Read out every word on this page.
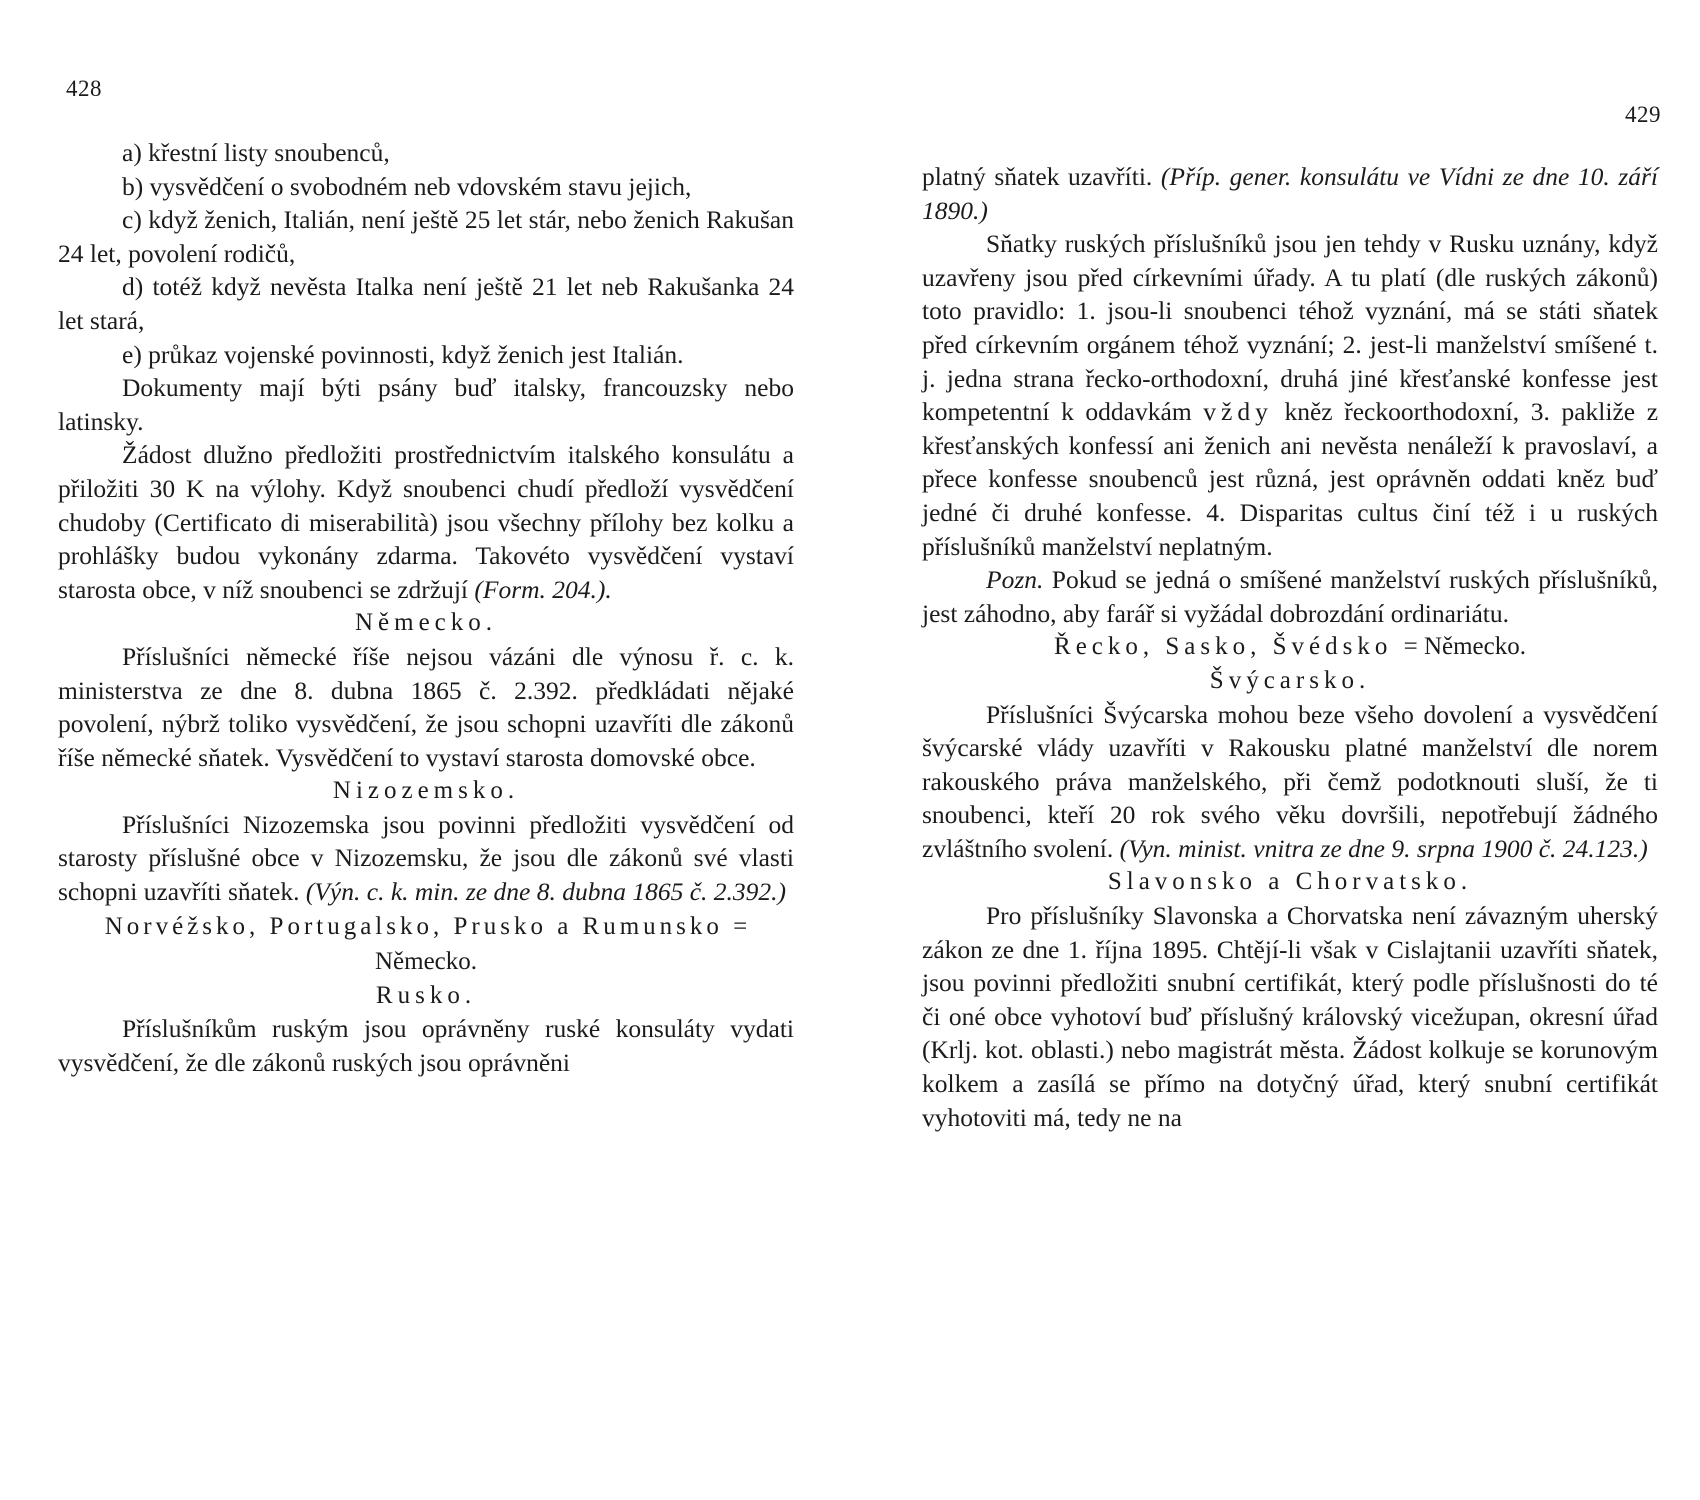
428

a) křestní listy snoubenců,

b) vysvědčení o svobodném neb vdovském stavu jejich,

c) když ženich, Italián, není ještě 25 let stár, nebo ženich Rakušan 24 let, povolení rodičů,

d) totéž když nevěsta Italka není ještě 21 let neb Rakušanka 24 let stará,

e) průkaz vojenské povinnosti, když ženich jest Italián.

Dokumenty mají býti psány buď italsky, francouzsky nebo latinsky.

Žádost dlužno předložiti prostřednictvím italského konsulátu a přiložiti 30 K na výlohy. Když snoubenci chudí předloží vysvědčení chudoby (Certificato di miserabilità) jsou všechny přílohy bez kolku a prohlášky budou vykonány zdarma. Takovéto vysvědčení vystaví starosta obce, v níž snoubenci se zdržují (Form. 204.).

Německo.

Příslušníci německé říše nejsou vázáni dle výnosu ř. c. k. ministerstva ze dne 8. dubna 1865 č. 2.392. předkládati nějaké povolení, nýbrž toliko vysvědčení, že jsou schopni uzavříti dle zákonů říše německé sňatek. Vysvědčení to vystaví starosta domovské obce.

Nizozemsko.

Příslušníci Nizozemska jsou povinni předložiti vysvědčení od starosty příslušné obce v Nizozemsku, že jsou dle zákonů své vlasti schopni uzavříti sňatek. (Výn. c. k. min. ze dne 8. dubna 1865 č. 2.392.)

Norvéžsko, Portugalsko, Prusko a Rumunsko = Německo.

Rusko.

Příslušníkům ruským jsou oprávněny ruské konsuláty vydati vysvědčení, že dle zákonů ruských jsou oprávněni

429

platný sňatek uzavříti. (Příp. gener. konsulátu ve Vídni ze dne 10. září 1890.)

Sňatky ruských příslušníků jsou jen tehdy v Rusku uznány, když uzavřeny jsou před církevními úřady. A tu platí (dle ruských zákonů) toto pravidlo: 1. jsou-li snoubenci téhož vyznání, má se státi sňatek před církevním orgánem téhož vyznání; 2. jest-li manželství smíšené t. j. jedna strana řecko-orthodoxní, druhá jiné křesťanské konfesse jest kompetentní k oddavkám vždy kněz řeckoorthodoxní, 3. pakliže z křesťanských konfessí ani ženich ani nevěsta nenáleží k pravoslaví, a přece konfesse snoubenců jest různá, jest oprávněn oddati kněz buď jedné či druhé konfesse. 4. Disparitas cultus činí též i u ruských příslušníků manželství neplatným.

Pozn. Pokud se jedná o smíšené manželství ruských příslušníků, jest záhodno, aby farář si vyžádal dobrozdání ordinariátu.

Řecko, Sasko, Švédsko = Německo.

Švýcarsko.

Příslušníci Švýcarska mohou beze všeho dovolení a vysvědčení švýcarské vlády uzavříti v Rakousku platné manželství dle norem rakouského práva manželského, při čemž podotknouti sluší, že ti snoubenci, kteří 20 rok svého věku dovršili, nepotřebují žádného zvláštního svolení. (Vyn. minist. vnitra ze dne 9. srpna 1900 č. 24.123.)

Slavonsko a Chorvatsko.

Pro příslušníky Slavonska a Chorvatska není závazným uherský zákon ze dne 1. října 1895. Chtějí-li však v Cislajtanii uzavříti sňatek, jsou povinni předložiti snubní certifikát, který podle příslušnosti do té či oné obce vyhotoví buď příslušný královský vicežupan, okresní úřad (Krlj. kot. oblasti.) nebo magistrát města. Žádost kolkuje se korunovým kolkem a zasílá se přímo na dotyčný úřad, který snubní certifikát vyhotoviti má, tedy ne na
